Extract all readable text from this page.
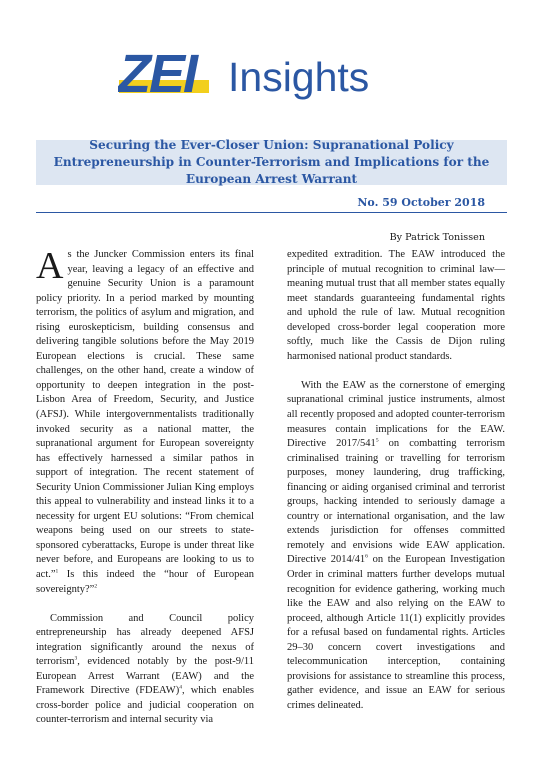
ZEI Insights
Securing the Ever-Closer Union: Supranational Policy Entrepreneurship in Counter-Terrorism and Implications for the European Arrest Warrant
No. 59 October 2018
By Patrick Tonissen

As the Juncker Commission enters its final year, leaving a legacy of an effective and genuine Security Union is a paramount policy priority. In a period marked by mounting terrorism, the politics of asylum and migration, and rising euroskepticism, building consensus and delivering tangible solutions before the May 2019 European elections is crucial. These same challenges, on the other hand, create a window of opportunity to deepen integration in the post-Lisbon Area of Freedom, Security, and Justice (AFSJ). While intergovernmentalists traditionally invoked security as a national matter, the supranational argument for European sovereignty has effectively harnessed a similar pathos in support of integration. The recent statement of Security Union Commissioner Julian King employs this appeal to vulnerability and instead links it to a necessity for urgent EU solutions: “From chemical weapons being used on our streets to state-sponsored cyberattacks, Europe is under threat like never before, and Europeans are looking to us to act.”$^1$ Is this indeed the “hour of European sovereignty?”$^2$

Commission and Council policy entrepreneurship has already deepened AFSJ integration significantly around the nexus of terrorism$^3$, evidenced notably by the post-9/11 European Arrest Warrant (EAW) and the Framework Directive (FDEAW)$^4$, which enables cross-border police and judicial cooperation on counter-terrorism and internal security via

expedited extradition. The EAW introduced the principle of mutual recognition to criminal law—meaning mutual trust that all member states equally meet standards guaranteeing fundamental rights and uphold the rule of law. Mutual recognition developed cross-border legal cooperation more softly, much like the Cassis de Dijon ruling harmonised national product standards.

With the EAW as the cornerstone of emerging supranational criminal justice instruments, almost all recently proposed and adopted counter-terrorism measures contain implications for the EAW. Directive 2017/541$^5$ on combatting terrorism criminalised training or travelling for terrorism purposes, money laundering, drug trafficking, financing or aiding organised criminal and terrorist groups, hacking intended to seriously damage a country or international organisation, and the law extends jurisdiction for offenses committed remotely and envisions wide EAW application. Directive 2014/41$^6$ on the European Investigation Order in criminal matters further develops mutual recognition for evidence gathering, working much like the EAW and also relying on the EAW to proceed, although Article 11(1) explicitly provides for a refusal based on fundamental rights. Articles 29–30 concern covert investigations and telecommunication interception, containing provisions for assistance to streamline this process, gather evidence, and issue an EAW for serious crimes delineated.
